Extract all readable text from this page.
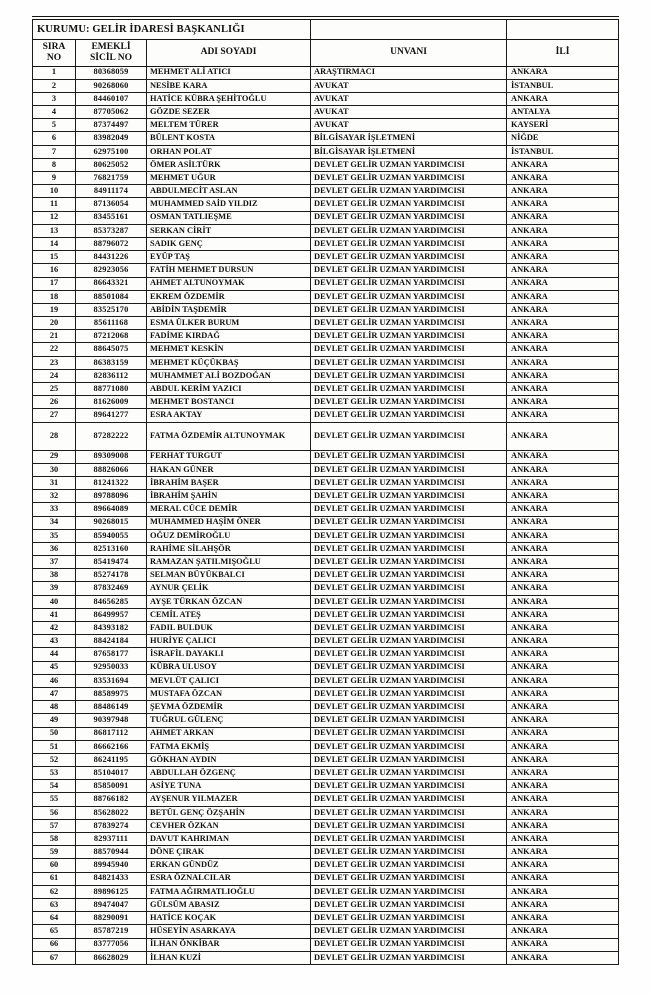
KURUMU: GELİR İDARESİ BAŞKANLIĞI				
SIRA NO	EMEKLİ SİCİL NO	ADI SOYADI	UNVANI	İLİ
1	80368059	MEHMET ALİ ATICI	ARAŞTIRMACI	ANKARA
2	90268060	NESİBE KARA	AVUKAT	İSTANBUL
3	84460107	HATİCE KÜBRA ŞEHİTOĞLU	AVUKAT	ANKARA
4	87705062	GÖZDE SEZER	AVUKAT	ANTALYA
5	87374497	MELTEM TÜRER	AVUKAT	KAYSERİ
6	83982049	BÜLENT KOSTA	BİLGİSAYAR İŞLETMENİ	NİĞDE
7	62975100	ORHAN POLAT	BİLGİSAYAR İŞLETMENİ	İSTANBUL
8	80625052	ÖMER ASİLTÜRK	DEVLET GELİR UZMAN YARDIMCISI	ANKARA
9	76821759	MEHMET UĞUR	DEVLET GELİR UZMAN YARDIMCISI	ANKARA
10	84911174	ABDULMECİT ASLAN	DEVLET GELİR UZMAN YARDIMCISI	ANKARA
11	87136054	MUHAMMED SAİD YILDIZ	DEVLET GELİR UZMAN YARDIMCISI	ANKARA
12	83455161	OSMAN TATLIEŞME	DEVLET GELİR UZMAN YARDIMCISI	ANKARA
13	85373287	SERKAN CİRİT	DEVLET GELİR UZMAN YARDIMCISI	ANKARA
14	88796072	SADIK GENÇ	DEVLET GELİR UZMAN YARDIMCISI	ANKARA
15	84431226	EYÜP TAŞ	DEVLET GELİR UZMAN YARDIMCISI	ANKARA
16	82923056	FATİH MEHMET DURSUN	DEVLET GELİR UZMAN YARDIMCISI	ANKARA
17	86643321	AHMET ALTUNOYMAK	DEVLET GELİR UZMAN YARDIMCISI	ANKARA
18	88501084	EKREM ÖZDEMİR	DEVLET GELİR UZMAN YARDIMCISI	ANKARA
19	83525170	ABİDİN TAŞDEMİR	DEVLET GELİR UZMAN YARDIMCISI	ANKARA
20	85611168	ESMA ÜLKER BURUM	DEVLET GELİR UZMAN YARDIMCISI	ANKARA
21	87212068	FADİME KIRDAĞ	DEVLET GELİR UZMAN YARDIMCISI	ANKARA
22	88645075	MEHMET KESKİN	DEVLET GELİR UZMAN YARDIMCISI	ANKARA
23	86383159	MEHMET KÜÇÜKBAŞ	DEVLET GELİR UZMAN YARDIMCISI	ANKARA
24	82836112	MUHAMMET ALİ BOZDOĞAN	DEVLET GELİR UZMAN YARDIMCISI	ANKARA
25	88771080	ABDUL KERİM YAZICI	DEVLET GELİR UZMAN YARDIMCISI	ANKARA
26	81626009	MEHMET BOSTANCI	DEVLET GELİR UZMAN YARDIMCISI	ANKARA
27	89641277	ESRA AKTAY	DEVLET GELİR UZMAN YARDIMCISI	ANKARA
28	87282222	FATMA ÖZDEMİR ALTUNOYMAK	DEVLET GELİR UZMAN YARDIMCISI	ANKARA
29	89309008	FERHAT TURGUT	DEVLET GELİR UZMAN YARDIMCISI	ANKARA
30	88826066	HAKAN GÜNER	DEVLET GELİR UZMAN YARDIMCISI	ANKARA
31	81241322	İBRAHİM BAŞER	DEVLET GELİR UZMAN YARDIMCISI	ANKARA
32	89788096	İBRAHİM ŞAHİN	DEVLET GELİR UZMAN YARDIMCISI	ANKARA
33	89664089	MERAL CÜCE DEMİR	DEVLET GELİR UZMAN YARDIMCISI	ANKARA
34	90268015	MUHAMMED HAŞİM ÖNER	DEVLET GELİR UZMAN YARDIMCISI	ANKARA
35	85940055	OĞUZ DEMİROĞLU	DEVLET GELİR UZMAN YARDIMCISI	ANKARA
36	82513160	RAHİME SİLAHŞÖR	DEVLET GELİR UZMAN YARDIMCISI	ANKARA
37	85419474	RAMAZAN ŞATILMIŞOĞLU	DEVLET GELİR UZMAN YARDIMCISI	ANKARA
38	85274178	SELMAN BÜYÜKBALCI	DEVLET GELİR UZMAN YARDIMCISI	ANKARA
39	87832469	AYNUR ÇELİK	DEVLET GELİR UZMAN YARDIMCISI	ANKARA
40	84656285	AYŞE TÜRKAN ÖZCAN	DEVLET GELİR UZMAN YARDIMCISI	ANKARA
41	86499957	CEMİL ATEŞ	DEVLET GELİR UZMAN YARDIMCISI	ANKARA
42	84393182	FADIL BULDUK	DEVLET GELİR UZMAN YARDIMCISI	ANKARA
43	88424184	HURİYE ÇALICI	DEVLET GELİR UZMAN YARDIMCISI	ANKARA
44	87658177	İSRAFİL DAYAKLI	DEVLET GELİR UZMAN YARDIMCISI	ANKARA
45	92950033	KÜBRA ULUSOY	DEVLET GELİR UZMAN YARDIMCISI	ANKARA
46	83531694	MEVLÜT ÇALICI	DEVLET GELİR UZMAN YARDIMCISI	ANKARA
47	88589975	MUSTAFA ÖZCAN	DEVLET GELİR UZMAN YARDIMCISI	ANKARA
48	88486149	ŞEYMA ÖZDEMİR	DEVLET GELİR UZMAN YARDIMCISI	ANKARA
49	90397948	TUĞRUL GÜLENÇ	DEVLET GELİR UZMAN YARDIMCISI	ANKARA
50	86817112	AHMET ARKAN	DEVLET GELİR UZMAN YARDIMCISI	ANKARA
51	86662166	FATMA EKMİŞ	DEVLET GELİR UZMAN YARDIMCISI	ANKARA
52	86241195	GÖKHAN AYDIN	DEVLET GELİR UZMAN YARDIMCISI	ANKARA
53	85104017	ABDULLAH ÖZGENÇ	DEVLET GELİR UZMAN YARDIMCISI	ANKARA
54	85850091	ASİYE TUNA	DEVLET GELİR UZMAN YARDIMCISI	ANKARA
55	88766182	AYŞENUR YILMAZER	DEVLET GELİR UZMAN YARDIMCISI	ANKARA
56	85628022	BETÜL GENÇ ÖZŞAHİN	DEVLET GELİR UZMAN YARDIMCISI	ANKARA
57	87839274	CEVHER ÖZKAN	DEVLET GELİR UZMAN YARDIMCISI	ANKARA
58	82937111	DAVUT KAHRIMAN	DEVLET GELİR UZMAN YARDIMCISI	ANKARA
59	88570944	DÖNE ÇIRAK	DEVLET GELİR UZMAN YARDIMCISI	ANKARA
60	89945940	ERKAN GÜNDÜZ	DEVLET GELİR UZMAN YARDIMCISI	ANKARA
61	84821433	ESRA ÖZNALCILAR	DEVLET GELİR UZMAN YARDIMCISI	ANKARA
62	89896125	FATMA AĞIRMATLIOĞLU	DEVLET GELİR UZMAN YARDIMCISI	ANKARA
63	89474047	GÜLSÜM ABASIZ	DEVLET GELİR UZMAN YARDIMCISI	ANKARA
64	88290091	HATİCE KOÇAK	DEVLET GELİR UZMAN YARDIMCISI	ANKARA
65	85787219	HÜSEYİN ASARKAYA	DEVLET GELİR UZMAN YARDIMCISI	ANKARA
66	83777056	İLHAN ÖNKİBAR	DEVLET GELİR UZMAN YARDIMCISI	ANKARA
67	86628029	İLHAN KUZİ	DEVLET GELİR UZMAN YARDIMCISI	ANKARA
